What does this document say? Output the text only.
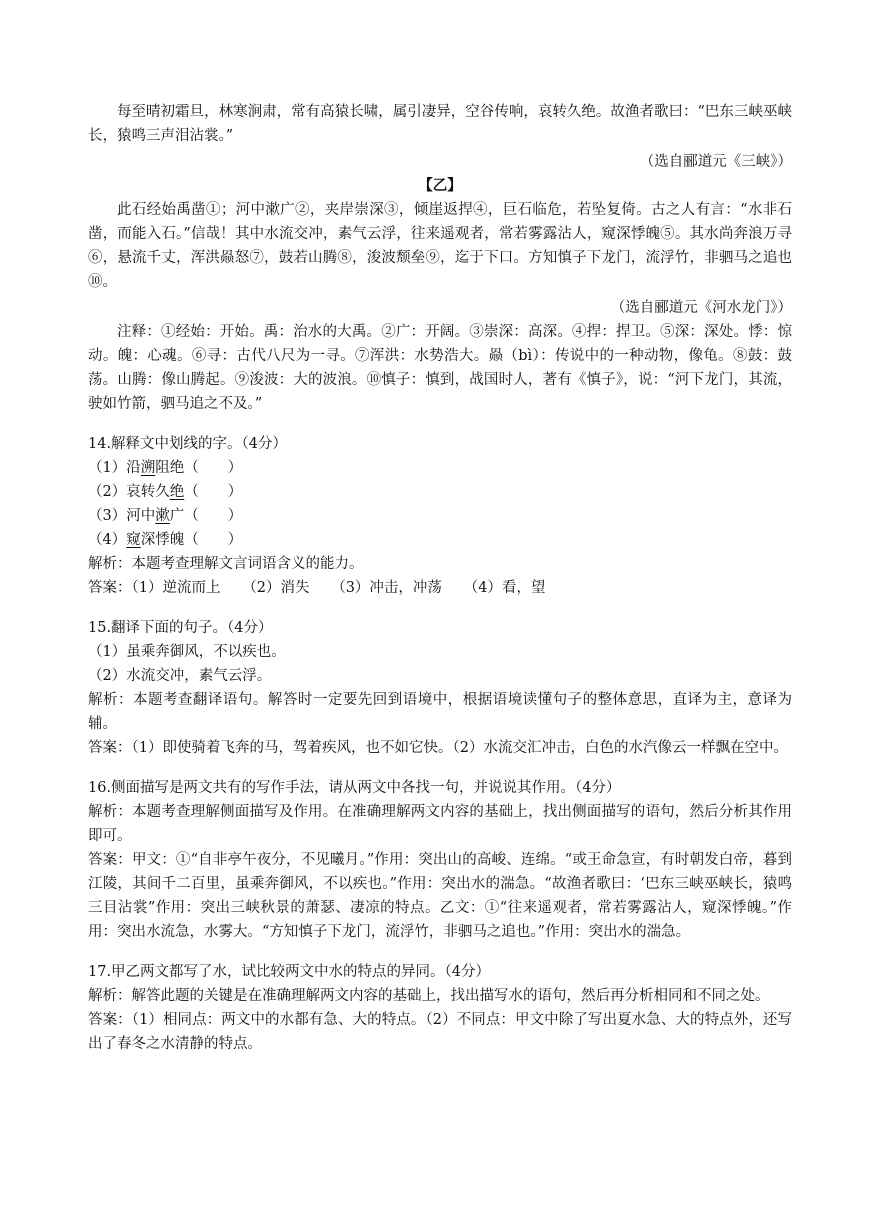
每至晴初霜旦，林寒涧肃，常有高猿长啸，属引凄异，空谷传响，哀转久绝。故渔者歌曰：“巴东三峡巫峡长，猿鸣三声泪沾裳。”

（选自郦道元《三峡》）

【乙】

此石经始禹凿①；河中漱广②，夹岸崇深③，倾崖返捍④，巨石临危，若坠复倚。古之人有言：“水非石凿，而能入石。”信哉！其中水流交冲，素气云浮，往来遥观者，常若雾露沾人，窥深悸魄⑤。其水尚奔浪万寻⑥，悬流千丈，浑洪赑怒⑦，鼓若山腾⑧，浚波颓垒⑨，迄于下口。方知慎子下龙门，流浮竹，非驷马之追也⑩。

（选自郦道元《河水龙门》）

注释：①经始：开始。禹：治水的大禹。②广：开阔。③崇深：高深。④捍：捍卫。⑤深：深处。悸：惊动。魄：心魂。⑥寻：古代八尺为一寻。⑦浑洪：水势浩大。赑（bì）：传说中的一种动物，像龟。⑧鼓：鼓荡。山腾：像山腾起。⑨浚波：大的波浪。⑩慎子：慎到，战国时人，著有《慎子》，说：“河下龙门，其流，驶如竹箭，驷马追之不及。”

14.解释文中划线的字。（4分）

（1）沿溯阻绝（　　）

（2）哀转久绝（　　）

（3）河中漱广（　　）

（4）窥深悸魄（　　）

解析：本题考查理解文言词语含义的能力。

答案：（1）逆流而上　　（2）消失　　（3）冲击，冲荡　　（4）看，望

15.翻译下面的句子。（4分）

（1）虽乘奔御风，不以疾也。

（2）水流交冲，素气云浮。

解析：本题考查翻译语句。解答时一定要先回到语境中，根据语境读懂句子的整体意思，直译为主，意译为辅。

答案：（1）即使骑着飞奔的马，驾着疾风，也不如它快。（2）水流交汇冲击，白色的水汽像云一样飘在空中。

16.侧面描写是两文共有的写作手法，请从两文中各找一句，并说说其作用。（4分）

解析：本题考查理解侧面描写及作用。在准确理解两文内容的基础上，找出侧面描写的语句，然后分析其作用即可。

答案：甲文：①“自非亭午夜分，不见曦月。”作用：突出山的高峻、连绵。“或王命急宣，有时朝发白帝，暮到江陵，其间千二百里，虽乘奔御风，不以疾也。”作用：突出水的湍急。“故渔者歌曰：‘巴东三峡巫峡长，猿鸣三目沾裳”作用：突出三峡秋景的萧瑟、凄凉的特点。乙文：①“往来遥观者，常若雾露沾人，窥深悸魄。”作用：突出水流急，水雾大。“方知慎子下龙门，流浮竹，非驷马之追也。”作用：突出水的湍急。

17.甲乙两文都写了水，试比较两文中水的特点的异同。（4分）

解析：解答此题的关键是在准确理解两文内容的基础上，找出描写水的语句，然后再分析相同和不同之处。

答案：（1）相同点：两文中的水都有急、大的特点。（2）不同点：甲文中除了写出夏水急、大的特点外，还写出了春冬之水清静的特点。
